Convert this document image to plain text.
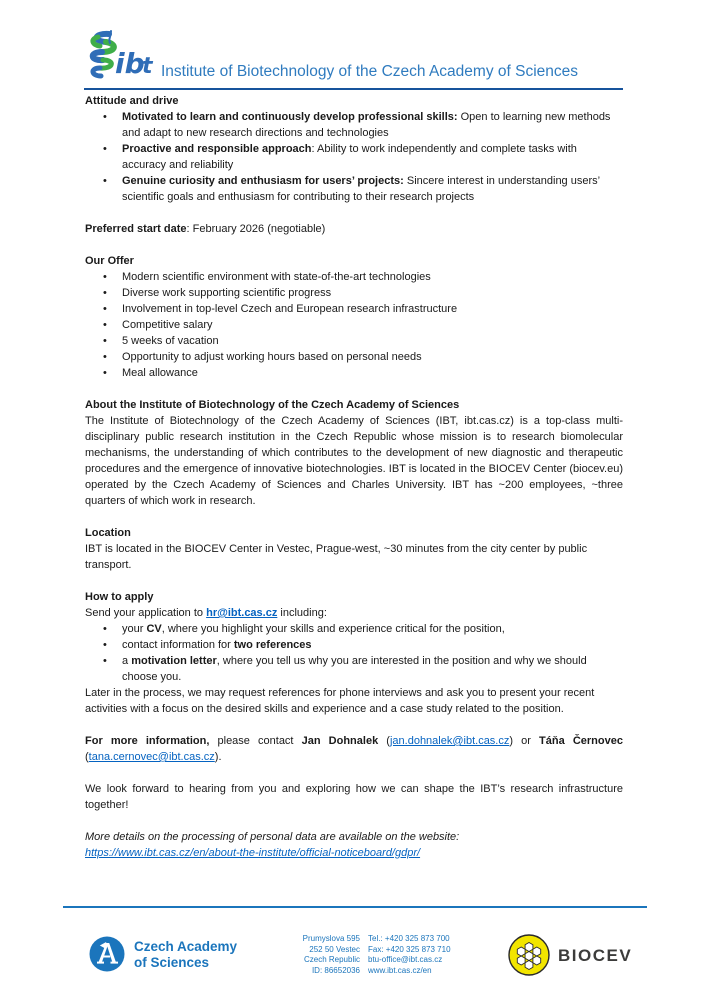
ib
t Institute of Biotechnology of the Czech Academy of Sciences
Attitude and drive
• Motivated to learn and continuously develop professional skills: Open to learning new methods and adapt to new research directions and technologies
• Proactive and responsible approach: Ability to work independently and complete tasks with accuracy and reliability
• Genuine curiosity and enthusiasm for users’ projects: Sincere interest in understanding users’ scientific goals and enthusiasm for contributing to their research projects

Preferred start date: February 2026 (negotiable)

Our Offer
• Modern scientific environment with state-of-the-art technologies
• Diverse work supporting scientific progress
• Involvement in top-level Czech and European research infrastructure
• Competitive salary
• 5 weeks of vacation
• Opportunity to adjust working hours based on personal needs
• Meal allowance
About the Institute of Biotechnology of the Czech Academy of Sciences

The Institute of Biotechnology of the Czech Academy of Sciences (IBT, ibt.cas.cz) is a top-class multi-disciplinary public research institution in the Czech Republic whose mission is to research biomolecular mechanisms, the understanding of which contributes to the development of new diagnostic and therapeutic procedures and the emergence of innovative biotechnologies. IBT is located in the BIOCEV Center (biocev.eu) operated by the Czech Academy of Sciences and Charles University. IBT has ~200 employees, ~three quarters of which work in research.

Location

IBT is located in the BIOCEV Center in Vestec, Prague-west, ~30 minutes from the city center by public transport.

How to apply

Send your application to hr@ibt.cas.cz including:

• your CV, where you highlight your skills and experience critical for the position,
• contact information for two references
• a motivation letter, where you tell us why you are interested in the position and why we should choose you.

Later in the process, we may request references for phone interviews and ask you to present your recent activities with a focus on the desired skills and experience and a case study related to the position.

For more information, please contact Jan Dohnalek (jan.dohnalek@ibt.cas.cz) or Táňa Černovec (tana.cernovec@ibt.cas.cz).

We look forward to hearing from you and exploring how we can shape the IBT’s research infrastructure together!

More details on the processing of personal data are available on the website:

https://www.ibt.cas.cz/en/about-the-institute/official-noticeboard/gdpr/

Czech Academy
of Sciences
Prumyslova 595
252 50 Vestec
Czech Republic
ID: 86652036
Tel.: +420 325 873 700
Fax: +420 325 873 710
btu-office@ibt.cas.cz
www.ibt.cas.cz/en
BIOCEV
